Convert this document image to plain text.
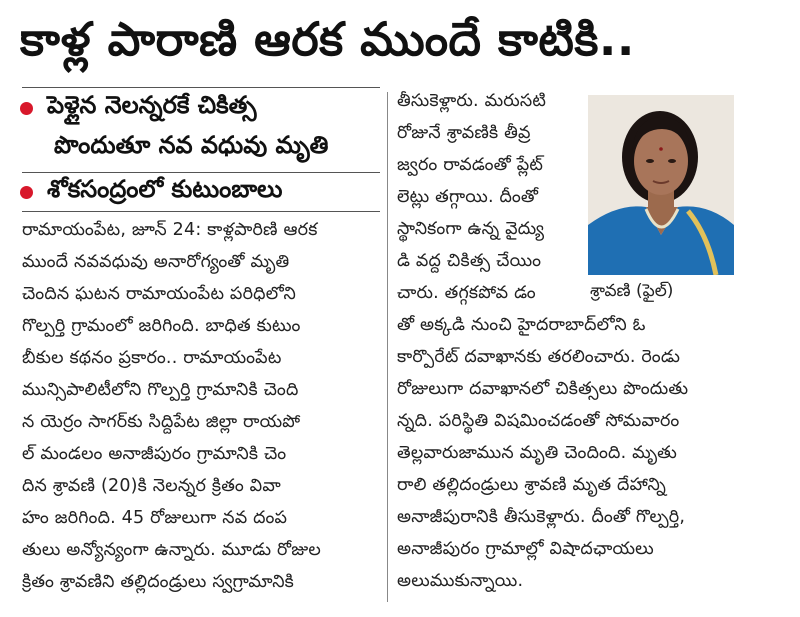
కాళ్ల పారాణి ఆరక ముందే కాటికి..
పెళ్లైన నెలన్నరకే చికిత్స
పొందుతూ నవ వధువు మృతి
శోకసంద్రంలో కుటుంబాలు
రామాయంపేట, జూన్ 24: కాళ్లపారిణి ఆరక
ముందే నవవధువు అనారోగ్యంతో మృతి
చెందిన ఘటన రామాయంపేట పరిధిలోని
గొల్పర్తి గ్రామంలో జరిగింది. బాధిత కుటుం
బీకుల కథనం ప్రకారం.. రామాయంపేట
మున్సిపాలిటీలోని గొల్పర్తి గ్రామానికి చెంది
న యెర్రం సాగర్‌కు సిద్దిపేట జిల్లా రాయపో
ల్ మండలం అనాజీపురం గ్రామానికి చెం
దిన శ్రావణి (20)కి నెలన్నర క్రితం వివా
హం జరిగింది. 45 రోజులుగా నవ దంప
తులు అన్యోన్యంగా ఉన్నారు. మూడు రోజుల
క్రితం శ్రావణిని తల్లిదండ్రులు స్వగ్రామానికి
తీసుకెళ్లారు. మరుసటి
రోజునే శ్రావణికి తీవ్ర
జ్వరం రావడంతో ప్లేట్
లెట్లు తగ్గాయి. దీంతో
స్థానికంగా ఉన్న వైద్యు
డి వద్ద చికిత్స చేయిం
చారు. తగ్గకపోవ డం
తో అక్కడి నుంచి హైదరాబాద్‌లోని ఓ
కార్పొరేట్ దవాఖానకు తరలించారు. రెండు
రోజులుగా దవాఖానలో చికిత్సలు పొందుతు
న్నది. పరిస్థితి విషమించడంతో సోమవారం
తెల్లవారుజామున మృతి చెందింది. మృతు
రాలి తల్లిదండ్రులు శ్రావణి మృత దేహాన్ని
అనాజీపురానికి తీసుకెళ్లారు. దీంతో గొల్పర్తి,
అనాజీపురం గ్రామాల్లో విషాదఛాయలు
అలుముకున్నాయి.
శ్రావణి (ఫైల్)
